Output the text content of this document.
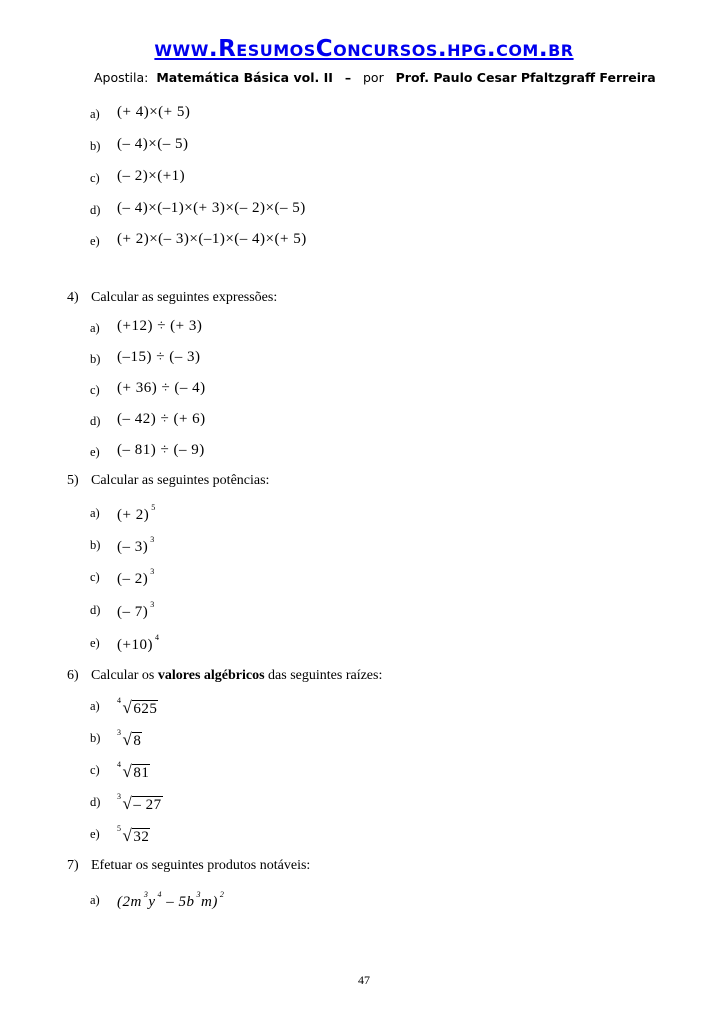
www.ResumosConcursos.hpg.com.br
Apostila: Matemática Básica vol. II – por Prof. Paulo Cesar Pfaltzgraff Ferreira
a) (+ 4)×(+ 5)
b) (– 4)×(– 5)
c) (– 2)×(+1)
d) (– 4)×(–1)×(+ 3)×(– 2)×(– 5)
e) (+ 2)×(– 3)×(–1)×(– 4)×(+ 5)
4) Calcular as seguintes expressões:
a) (+12) ÷ (+ 3)
b) (–15) ÷ (– 3)
c) (+ 36) ÷ (– 4)
d) (– 42) ÷ (+ 6)
e) (– 81) ÷ (– 9)
5) Calcular as seguintes potências:
a) (+ 2) $^5$
b) (– 3) $^3$
c) (– 2) $^3$
d) (– 7) $^3$
e) (+10) $^4$
6) Calcular os valores algébricos das seguintes raízes:
a) 4√625
b) 3√8
c) 4√81
d) 3√– 27
e) 5√32
7) Efetuar os seguintes produtos notáveis:
a) (2m $^3$y $^4$ – 5b $^3$m) $^2$
47
